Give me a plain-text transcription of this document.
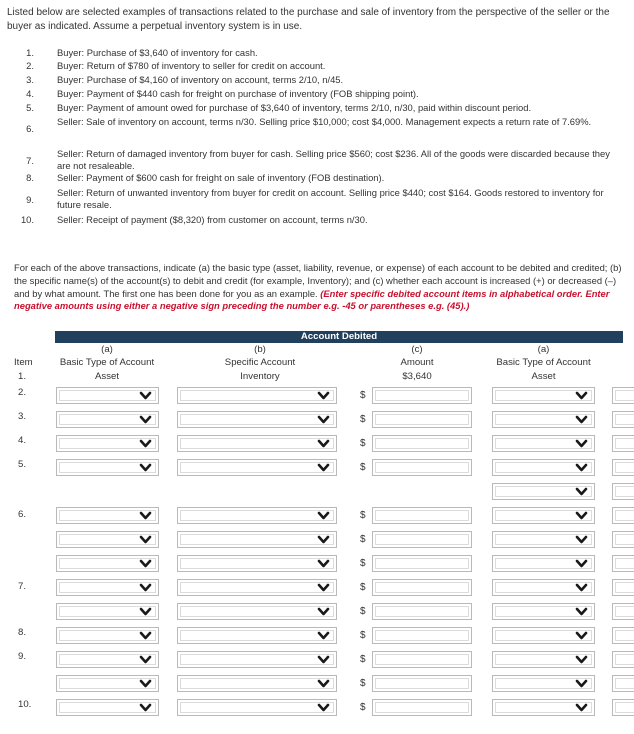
Listed below are selected examples of transactions related to the purchase and sale of inventory from the perspective of the seller or the buyer as indicated. Assume a perpetual inventory system is in use.
1. Buyer: Purchase of $3,640 of inventory for cash.
2. Buyer: Return of $780 of inventory to seller for credit on account.
3. Buyer: Purchase of $4,160 of inventory on account, terms 2/10, n/45.
4. Buyer: Payment of $440 cash for freight on purchase of inventory (FOB shipping point).
5. Buyer: Payment of amount owed for purchase of $3,640 of inventory, terms 2/10, n/30, paid within discount period.
6.
Seller: Sale of inventory on account, terms n/30. Selling price $10,000; cost $4,000. Management expects a return rate of 7.69%.
7.
Seller: Return of damaged inventory from buyer for cash. Selling price $560; cost $236. All of the goods were discarded because they are not resaleable.
8. Seller: Payment of $600 cash for freight on sale of inventory (FOB destination).
9.
Seller: Return of unwanted inventory from buyer for credit on account. Selling price $440; cost $164. Goods restored to inventory for future resale.
10. Seller: Receipt of payment ($8,320) from customer on account, terms n/30.
For each of the above transactions, indicate (a) the basic type (asset, liability, revenue, or expense) of each account to be debited and credited; (b) the specific name(s) of the account(s) to debit and credit (for example, Inventory); and (c) whether each account is increased (+) or decreased (–) and by what amount. The first one has been done for you as an example. (Enter specific debited account items in alphabetical order. Enter negative amounts using either a negative sign preceding the number e.g. -45 or parentheses e.g. (45).)
Account Debited
(a)	(b)	(c)	(a)
Item	Basic Type of Account	Specific Account	Amount	Basic Type of Account
1.	Asset	Inventory	$3,640	Asset
2.	$
3.	$
4.	$
5.	$
6.	$
$
$
7.	$
$
8.	$
9.	$
$
10.	$
